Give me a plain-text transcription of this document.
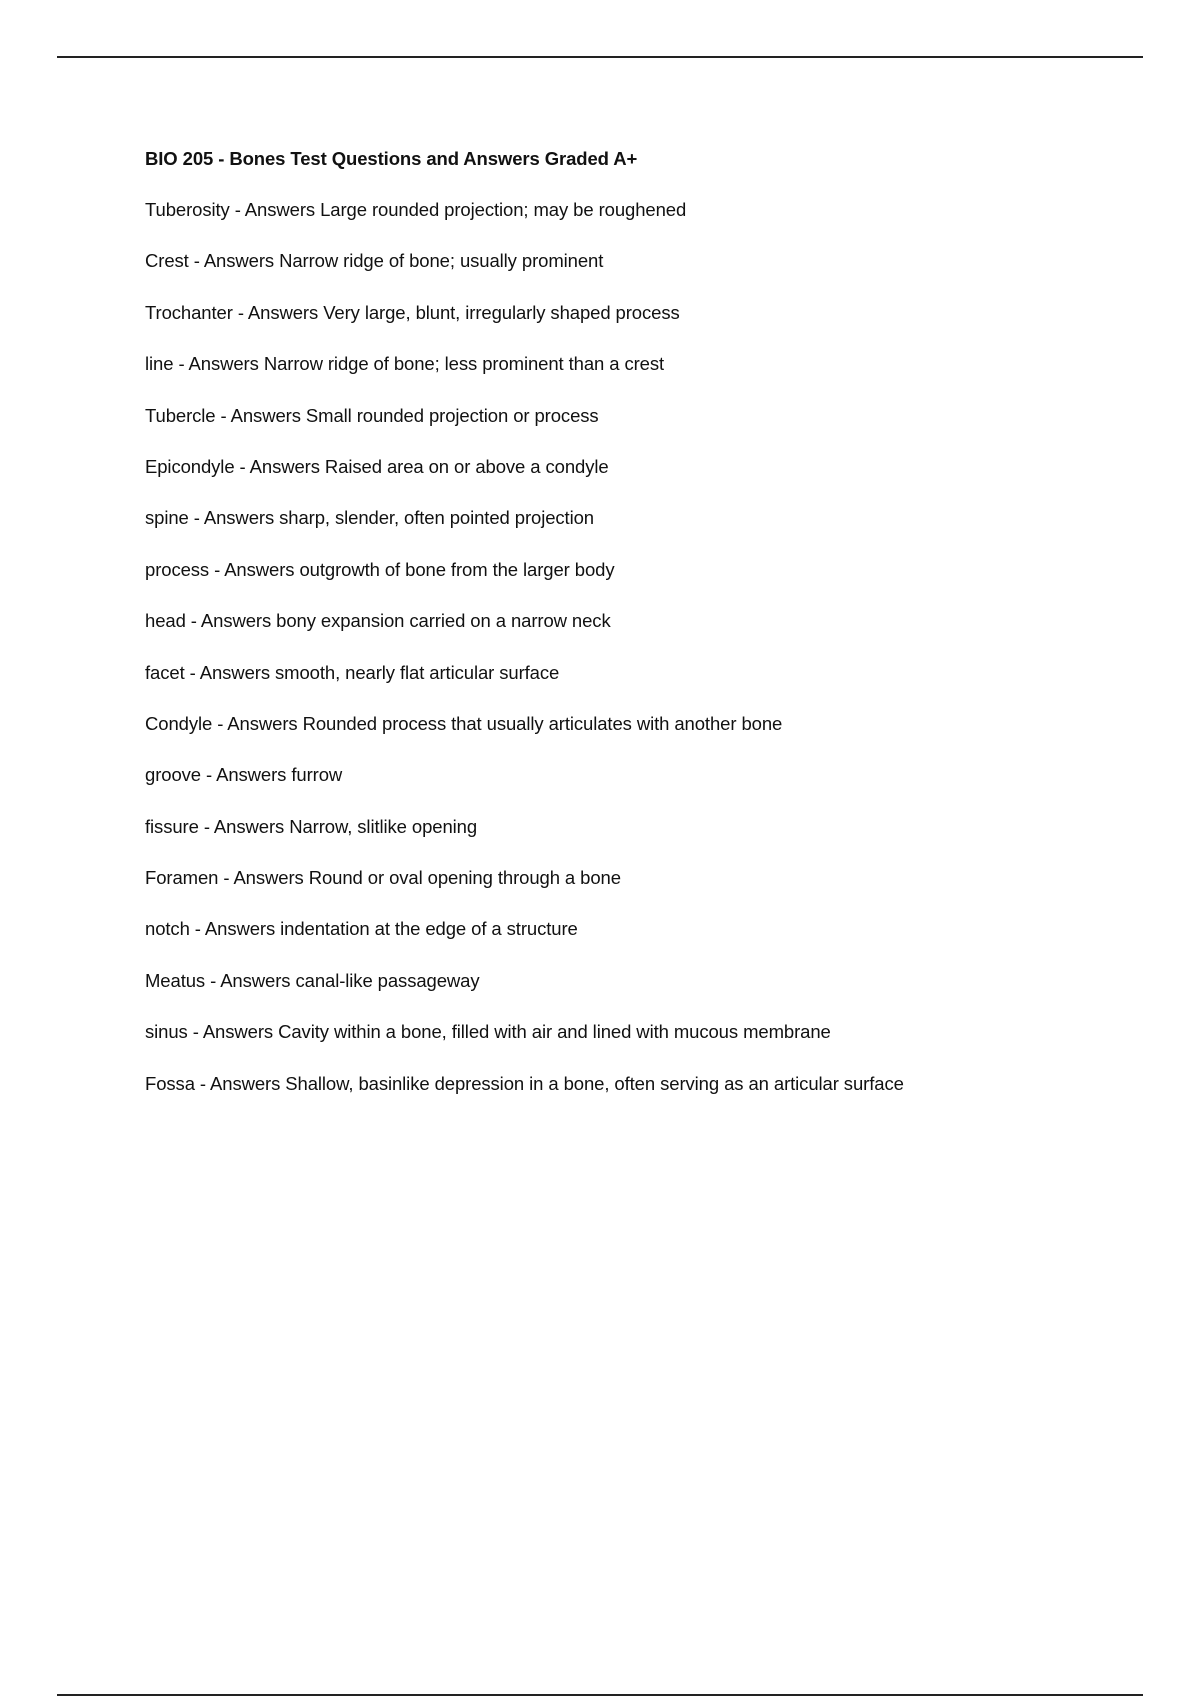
BIO 205 - Bones Test Questions and Answers Graded A+
Tuberosity - Answers Large rounded projection; may be roughened
Crest - Answers Narrow ridge of bone; usually prominent
Trochanter - Answers Very large, blunt, irregularly shaped process
line - Answers Narrow ridge of bone; less prominent than a crest
Tubercle - Answers Small rounded projection or process
Epicondyle - Answers Raised area on or above a condyle
spine - Answers sharp, slender, often pointed projection
process - Answers outgrowth of bone from the larger body
head - Answers bony expansion carried on a narrow neck
facet - Answers smooth, nearly flat articular surface
Condyle - Answers Rounded process that usually articulates with another bone
groove - Answers furrow
fissure - Answers Narrow, slitlike opening
Foramen - Answers Round or oval opening through a bone
notch - Answers indentation at the edge of a structure
Meatus - Answers canal-like passageway
sinus - Answers Cavity within a bone, filled with air and lined with mucous membrane
Fossa - Answers Shallow, basinlike depression in a bone, often serving as an articular surface
